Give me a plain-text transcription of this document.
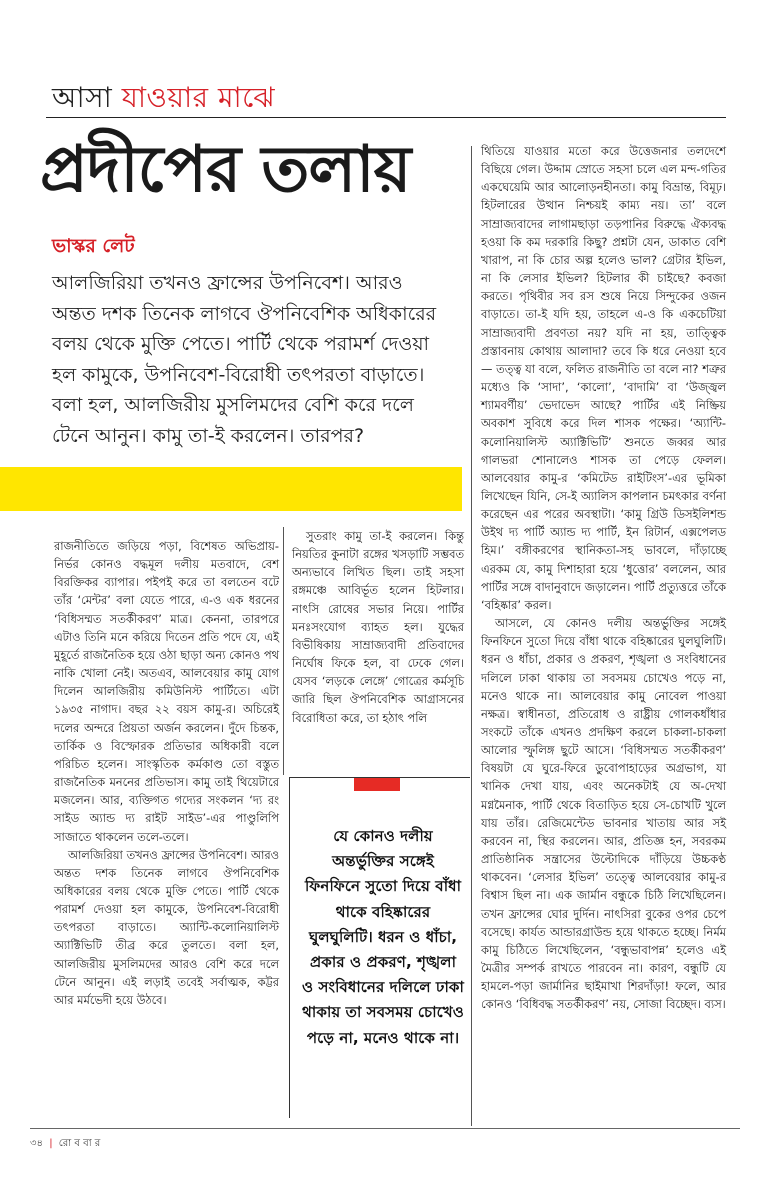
আসা যাওয়ার মাঝে
প্রদীপের তলায়
ভাস্কর লেট
আলজিরিয়া তখনও ফ্রান্সের উপনিবেশ। আরও অন্তত দশক তিনেক লাগবে ঔপনিবেশিক অধিকারের বলয় থেকে মুক্তি পেতে। পার্টি থেকে পরামর্শ দেওয়া হল কামুকে, উপনিবেশ-বিরোধী তৎপরতা বাড়াতে। বলা হল, আলজিরীয় মুসলিমদের বেশি করে দলে টেনে আনুন। কামু তা-ই করলেন। তারপর?

রাজনীতিতে জড়িয়ে পড়া, বিশেষত অভিপ্রায়-নির্ভর কোনও বদ্ধমূল দলীয় মতবাদে, বেশ বিরক্তিকর ব্যাপার। পইপই করে তা বলতেন বটে তাঁর ‘মেন্টর’ বলা যেতে পারে, এ-ও এক ধরনের ‘বিধিসম্মত সতর্কীকরণ’ মাত্র। কেননা, তারপরে এটাও তিনি মনে করিয়ে দিতেন প্রতি পদে যে, এই মুহূর্তে রাজনৈতিক হয়ে ওঠা ছাড়া অন্য কোনও পথ নাকি খোলা নেই। অতএব, আলবেয়ার কামু যোগ দিলেন আলজিরীয় কমিউনিস্ট পার্টিতে। এটা ১৯৩৫ নাগাদ। বছর ২২ বয়স কামু-র। অচিরেই দলের অন্দরে প্রিয়তা অর্জন করলেন। দুঁদে চিন্তক, তার্কিক ও বিস্ফোরক প্রতিভার অধিকারী বলে পরিচিত হলেন। সাংস্কৃতিক কর্মকাণ্ড তো বস্তুত রাজনৈতিক মননের প্রতিভাস। কামু তাই থিয়েটারে মজলেন। আর, ব্যক্তিগত গদ্যের সংকলন ‘দ্য রং সাইড অ্যান্ড দ্য রাইট সাইড’-এর পাণ্ডুলিপি সাজাতে থাকলেন তলে-তলে।

আলজিরিয়া তখনও ফ্রান্সের উপনিবেশ। আরও অন্তত দশক তিনেক লাগবে ঔপনিবেশিক অধিকারের বলয় থেকে মুক্তি পেতে। পার্টি থেকে পরামর্শ দেওয়া হল কামুকে, উপনিবেশ-বিরোধী তৎপরতা বাড়াতে। অ্যান্টি-কলোনিয়ালিস্ট অ্যাক্টিভিটি তীব্র করে তুলতে। বলা হল, আলজিরীয় মুসলিমদের আরও বেশি করে দলে টেনে আনুন। এই লড়াই তবেই সর্বাত্মক, কট্টর আর মর্মভেদী হয়ে উঠবে।

সুতরাং কামু তা-ই করলেন। কিন্তু নিয়তির কুনাটা রঙ্গের খসড়াটি সম্ভবত অন্যভাবে লিখিত ছিল। তাই সহসা রঙ্গমঞ্চে আবির্ভূত হলেন হিটলার। নাৎসি রোষের সভার নিয়ে। পার্টির মনঃসংযোগ ব্যাহত হল। যুদ্ধের বিভীষিকায় সাম্রাজ্যবাদী প্রতিবাদের নির্ঘোষ ফিকে হল, বা ঢেকে গেল। যেসব ‘লড়কে লেঙ্গে’ গোত্রের কর্মসূচি জারি ছিল ঔপনিবেশিক আগ্রাসনের বিরোধিতা করে, তা হঠাৎ পলি

যে কোনও দলীয় অন্তর্ভুক্তির সঙ্গেই ফিনফিনে সুতো দিয়ে বাঁধা থাকে বহিষ্কারের ঘুলঘুলিটি। ধরন ও ধাঁচা, প্রকার ও প্রকরণ, শৃঙ্খলা ও সংবিধানের দলিলে ঢাকা থাকায় তা সবসময় চোখেও পড়ে না, মনেও থাকে না।

থিতিয়ে যাওয়ার মতো করে উত্তেজনার তলদেশে বিছিয়ে গেল। উদ্দাম স্রোতে সহসা চলে এল মন্দ-গতির একঘেয়েমি আর আলোড়নহীনতা। কামু বিভ্রান্ত, বিমূঢ়। হিটলারের উত্থান নিশ্চয়ই কাম্য নয়। তা’ বলে সাম্রাজ্যবাদের লাগামছাড়া তড়পানির বিরুদ্ধে ঐক্যবদ্ধ হওয়া কি কম দরকারি কিছু? প্রশ্নটা যেন, ডাকাত বেশি খারাপ, না কি চোর অল্প হলেও ভাল? গ্রেটার ইভিল, না কি লেসার ইভিল? হিটলার কী চাইছে? কবজা করতে। পৃথিবীর সব রস শুষে নিয়ে সিন্দুকের ওজন বাড়াতে। তা-ই যদি হয়, তাহলে এ-ও কি একচেটিয়া সাম্রাজ্যবাদী প্রবণতা নয়? যদি না হয়, তাত্ত্বিক প্রস্তাবনায় কোথায় আলাদা? তবে কি ধরে নেওয়া হবে— তত্ত্ব যা বলে, ফলিত রাজনীতি তা বলে না? শত্রুর মধ্যেও কি ‘সাদা’, ‘কালো’, ‘বাদামি’ বা ‘উজ্জ্বল শ্যামবর্ণীয়’ ভেদাভেদ আছে? পার্টির এই নিষ্ক্রিয় অবকাশ সুবিধে করে দিল শাসক পক্ষের। ‘অ্যান্টি-কলোনিয়ালিস্ট অ্যাক্টিভিটি’ শুনতে জব্বর আর গালভরা শোনালেও শাসক তা পেড়ে ফেলল। আলবেয়ার কামু-র ‘কমিটেড রাইটিংস’-এর ভূমিকা লিখেছেন যিনি, সে-ই অ্যালিস কাপলান চমৎকার বর্ণনা করেছেন এর পরের অবস্থাটা। ‘কামু গ্রিউ ডিসইলিশন্ড উইথ দ্য পার্টি অ্যান্ড দ্য পার্টি, ইন রিটার্ন, এক্সপেলড হিম।’ বঙ্গীকরণের স্থানিকতা-সহ ভাবলে, দাঁড়াচ্ছে এরকম যে, কামু দিশাহারা হয়ে ‘ধুত্তোর’ বললেন, আর পার্টির সঙ্গে বাদানুবাদে জড়ালেন। পার্টি প্রত্যুত্তরে তাঁকে ‘বহিষ্কার’ করল।

আসলে, যে কোনও দলীয় অন্তর্ভুক্তির সঙ্গেই ফিনফিনে সুতো দিয়ে বাঁধা থাকে বহিষ্কারের ঘুলঘুলিটি। ধরন ও ধাঁচা, প্রকার ও প্রকরণ, শৃঙ্খলা ও সংবিধানের দলিলে ঢাকা থাকায় তা সবসময় চোখেও পড়ে না, মনেও থাকে না। আলবেয়ার কামু নোবেল পাওয়া নক্ষত্র। স্বাধীনতা, প্রতিরোধ ও রাষ্ট্রীয় গোলকধাঁধার সংকটে তাঁকে এখনও প্রদক্ষিণ করলে চাকলা-চাকলা আলোর স্ফুলিঙ্গ ছুটে আসে। ‘বিধিসম্মত সতর্কীকরণ’ বিষয়টা যে ঘুরে-ফিরে ডুবোপাহাড়ের অগ্রভাগ, যা খানিক দেখা যায়, এবং অনেকটাই যে অ-দেখা মগ্নমৈনাক, পার্টি থেকে বিতাড়িত হয়ে সে-চোখটি খুলে যায় তাঁর। রেজিমেন্টেড ভাবনার খাতায় আর সই করবেন না, স্থির করলেন। আর, প্রতিজ্ঞ হন, সবরকম প্রাতিষ্ঠানিক সন্ত্রাসের উল্টোদিকে দাঁড়িয়ে উচ্চকণ্ঠ থাকবেন। ‘লেসার ইভিল’ তত্ত্বে আলবেয়ার কামু-র বিশ্বাস ছিল না। এক জার্মান বন্ধুকে চিঠি লিখেছিলেন। তখন ফ্রান্সের ঘোর দুর্দিন। নাৎসিরা বুকের ওপর চেপে বসেছে। কার্যত আন্ডারগ্রাউন্ড হয়ে থাকতে হচ্ছে। নির্মম কামু চিঠিতে লিখেছিলেন, ‘বন্ধুভাবাপন্ন’ হলেও এই মৈত্রীর সম্পর্ক রাখতে পারবেন না। কারণ, বন্ধুটি যে হামলে-পড়া জার্মানির ছাইমাখা শিরদাঁড়া! ফলে, আর কোনও ‘বিধিবদ্ধ সতর্কীকরণ’ নয়, সোজা বিচ্ছেদ। ব্যস।

৩৪ | রো ব বা র
